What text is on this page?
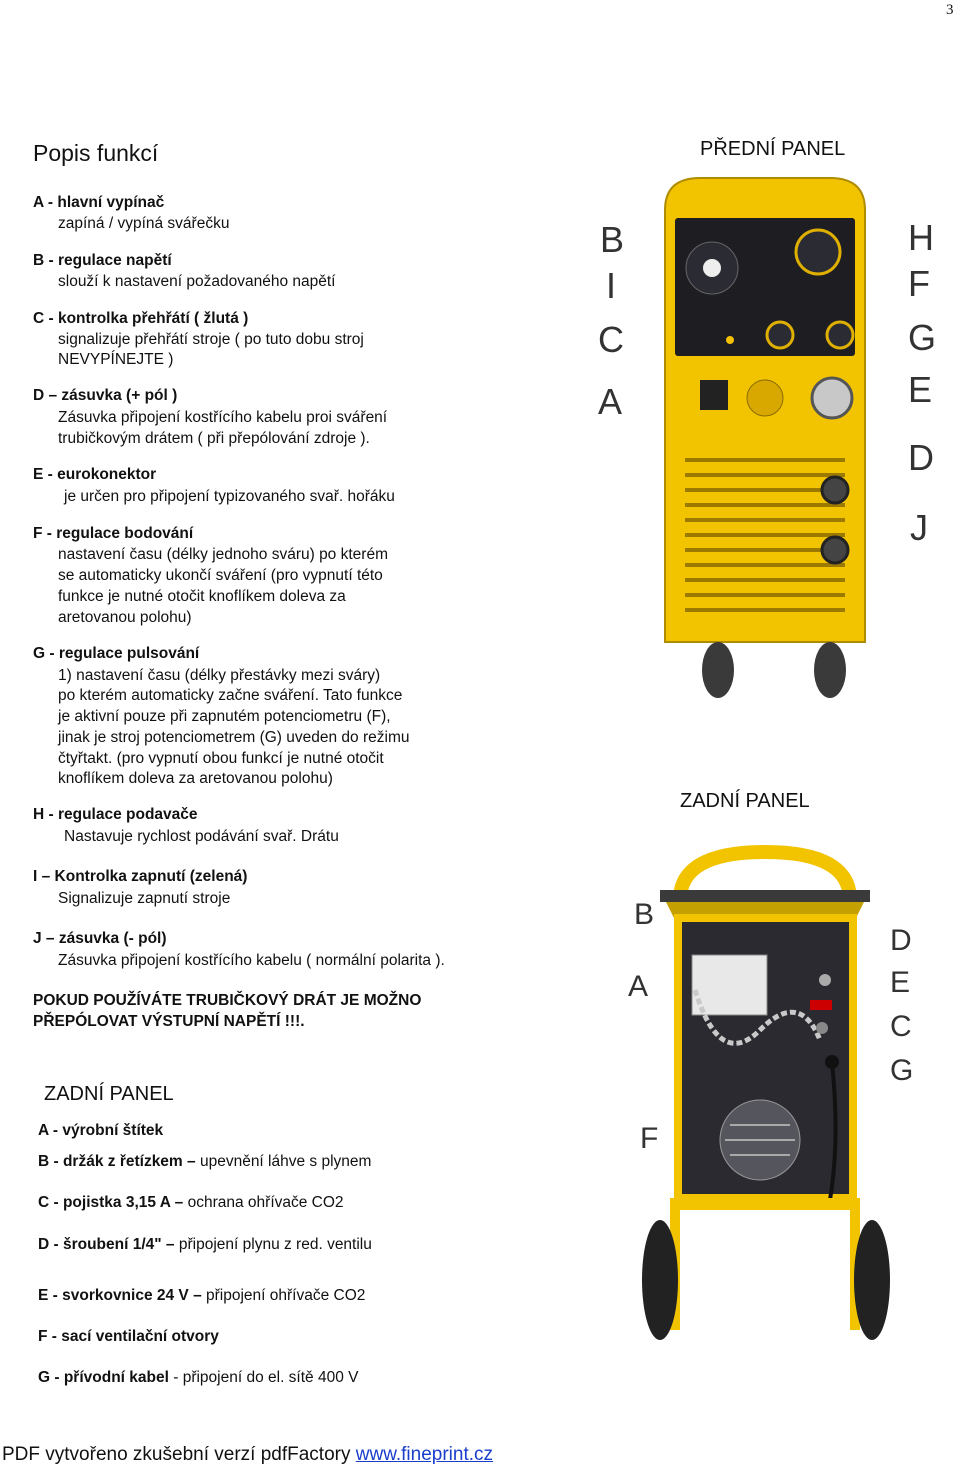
3
Popis funkcí	PŘEDNÍ PANEL
A - hlavní vypínač
zapíná / vypíná svářečku
B - regulace napětí
slouží k nastavení požadovaného napětí
C - kontrolka přehřátí ( žlutá )
signalizuje přehřátí stroje ( po tuto dobu stroj
NEVYPÍNEJTE )
D – zásuvka (+ pól )
Zásuvka připojení kostřícího kabelu proi sváření
trubičkovým drátem ( při přepólování zdroje ).
E - eurokonektor
je určen pro připojení typizovaného svař. hořáku
F - regulace bodování
nastavení času (délky jednoho sváru) po kterém
se automaticky ukončí sváření (pro vypnutí této
funkce je nutné otočit knoflíkem doleva za
aretovanou polohu)
G - regulace pulsování
1) nastavení času (délky přestávky mezi sváry)
po kterém automaticky začne sváření. Tato funkce
je aktivní pouze při zapnutém potenciometru (F),
jinak je stroj potenciometrem (G) uveden do režimu
čtyřtakt. (pro vypnutí obou funkcí je nutné otočit
knoflíkem doleva za aretovanou polohu)
H - regulace podavače
Nastavuje rychlost podávání svař. Drátu
I – Kontrolka zapnutí (zelená)
Signalizuje zapnutí stroje
J – zásuvka (- pól)
Zásuvka připojení kostřícího kabelu ( normální polarita ).
POKUD POUŽÍVÁTE TRUBIČKOVÝ DRÁT JE MOŽNO
PŘEPÓLOVAT VÝSTUPNÍ NAPĚTÍ !!!.
ZADNÍ PANEL
A - výrobní štítek
B - držák z řetízkem – upevnění láhve s plynem
C - pojistka 3,15 A – ochrana ohřívače CO2
D - šroubení 1/4" – připojení plynu z red. ventilu
E - svorkovnice 24 V – připojení ohřívače CO2
F - sací ventilační otvory
G - přívodní kabel - připojení do el. sítě 400 V
ZADNÍ PANEL
B
I
C
A
H
F
G
E
D
J
B
A
D
E
C
G
F
PDF vytvořeno zkušební verzí pdfFactory www.fineprint.cz
